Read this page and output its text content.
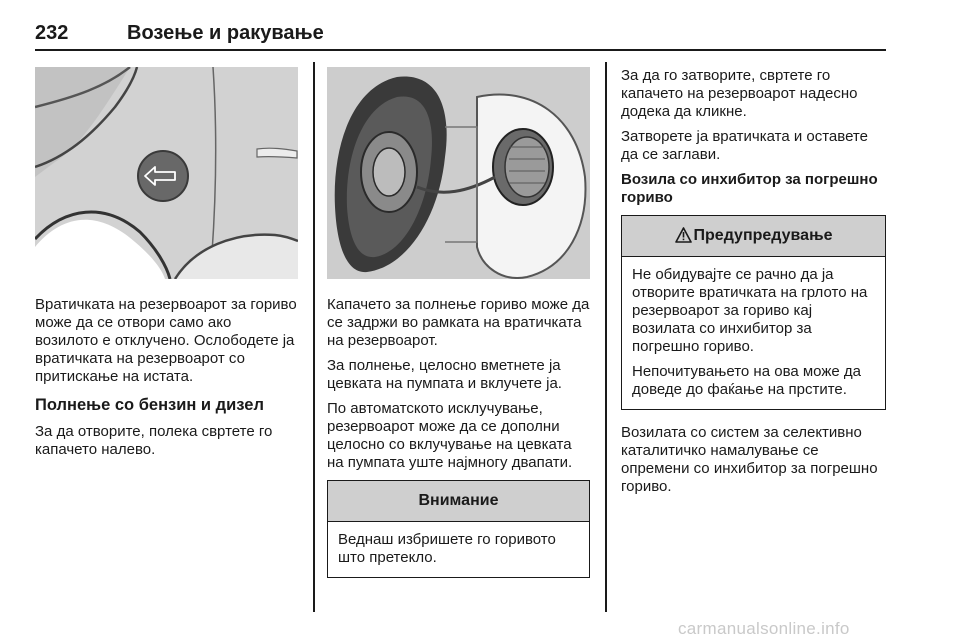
232	Возење и ракување

Вратичката на резервоарот за гориво може да се отвори само ако возилото е отклучено. Ослободете ја вратичката на резервоарот со притискање на истата.

Полнење со бензин и дизел

За да отворите, полека свртете го капачето налево.

Капачето за полнење гориво може да се задржи во рамката на вратичката на резервоарот.

За полнење, целосно вметнете ја цевката на пумпата и вклучете ја.

По автоматското исклучување, резервоарот може да се дополни целосно со вклучување на цевката на пумпата уште најмногу двапати.

Внимание

Веднаш избришете го горивото што претекло.

За да го затворите, свртете го капачето на резервоарот надесно додека да кликне.

Затворете ја вратичката и оставете да се заглави.

Возила со инхибитор за погрешно гориво
Предупредување

Не обидувајте се рачно да ја отворите вратичката на грлото на резервоарот за гориво кај возилата со инхибитор за погрешно гориво.

Непочитувањето на ова може да доведе до фаќање на прстите.

Возилата со систем за селективно каталитичко намалување се опремени со инхибитор за погрешно гориво.

carmanualsonline.info
